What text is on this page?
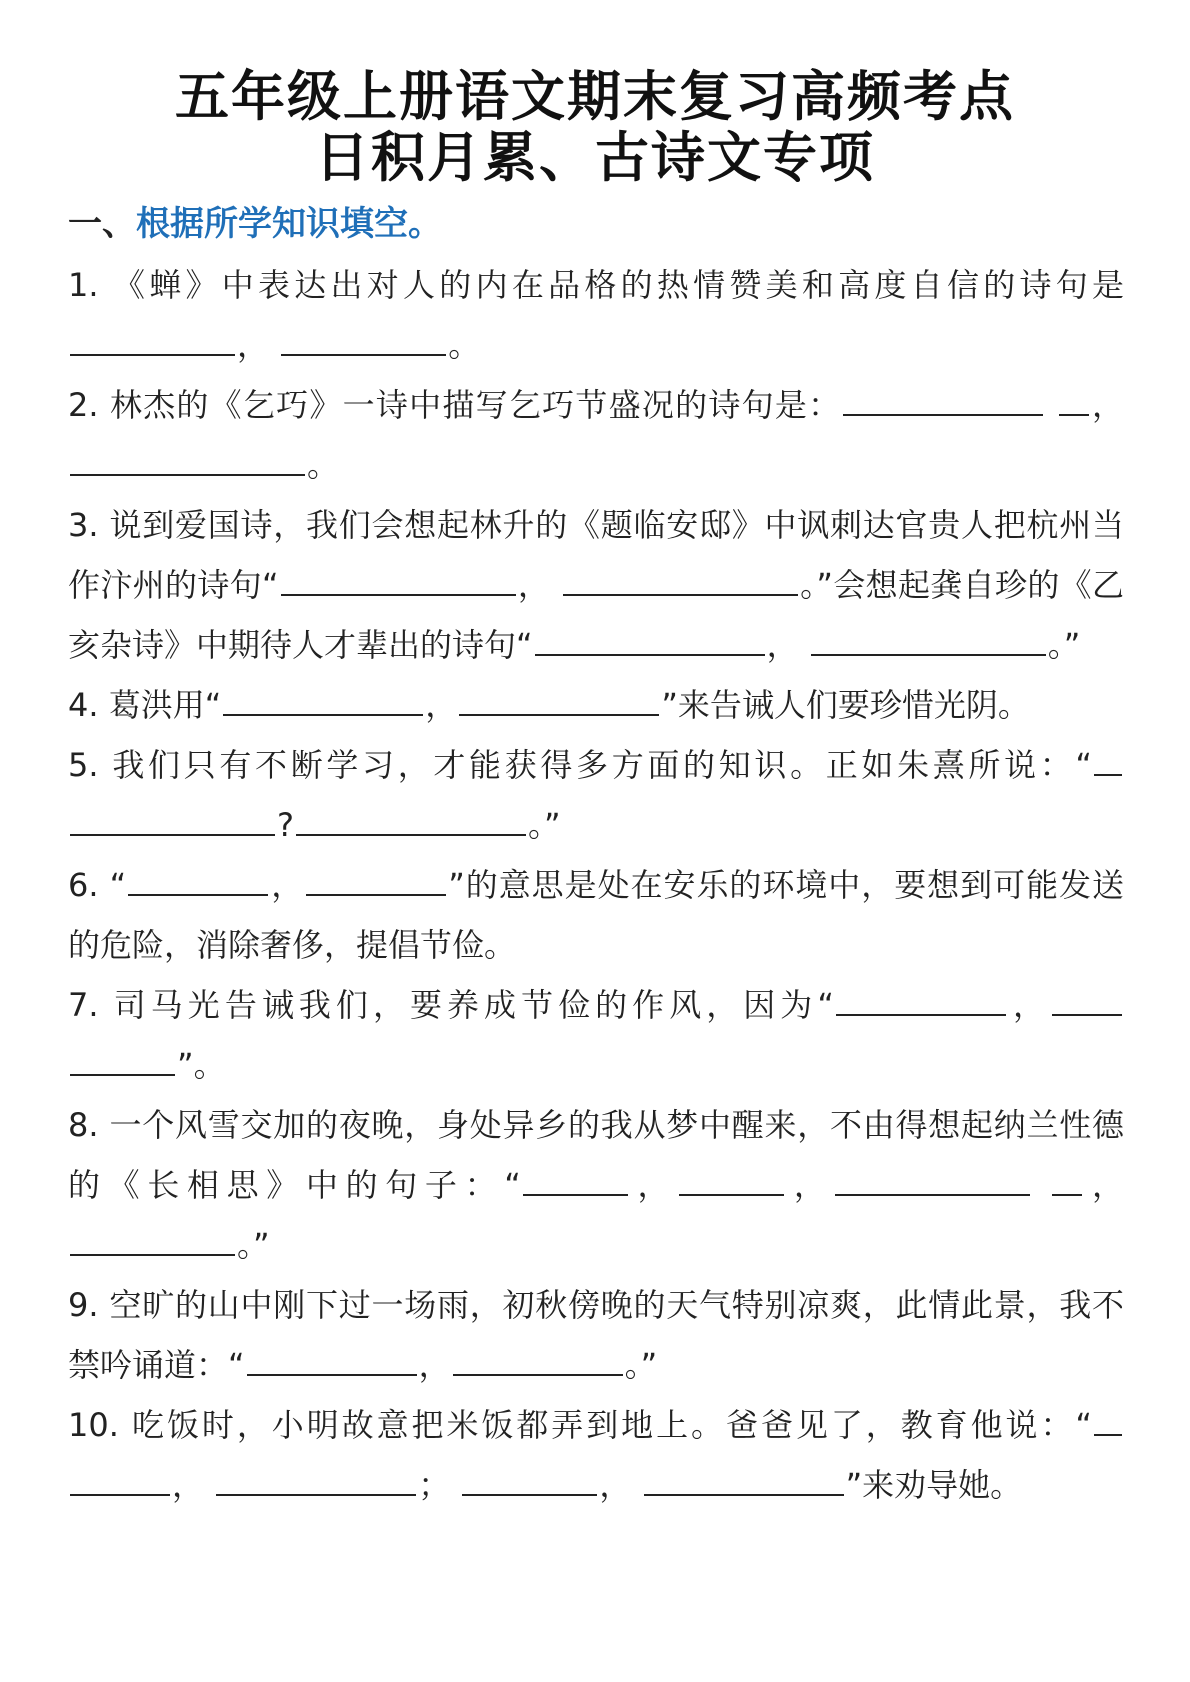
五年级上册语文期末复习高频考点
日积月累、古诗文专项
一、根据所学知识填空。

1. 《蝉》中表达出对人的内在品格的热情赞美和高度自信的诗句是 ，	。

2. 林杰的《乞巧》一诗中描写乞巧节盛况的诗句是：	， 。

3. 说到爱国诗，我们会想起林升的《题临安邸》中讽刺达官贵人把杭州当作汴州的诗句“	，	。”会想起龚自珍的《乙亥杂诗》中期待人才辈出的诗句“	，	。”

4. 葛洪用“	，	”来告诫人们要珍惜光阴。

5. 我们只有不断学习，才能获得多方面的知识。正如朱熹所说：“ ?	。”

6. “	，	”的意思是处在安乐的环境中，要想到可能发送的危险，消除奢侈，提倡节俭。

7. 司马光告诫我们，要养成节俭的作风，因为“	， ”。

8. 一个风雪交加的夜晚，身处异乡的我从梦中醒来，不由得想起纳兰性德的《长相思》中的句子：“	，	，	， 。”

9. 空旷的山中刚下过一场雨，初秋傍晚的天气特别凉爽，此情此景，我不禁吟诵道：“	，	。”

10. 吃饭时，小明故意把米饭都弄到地上。爸爸见了，教育他说：“ ，	；	，	”来劝导她。
